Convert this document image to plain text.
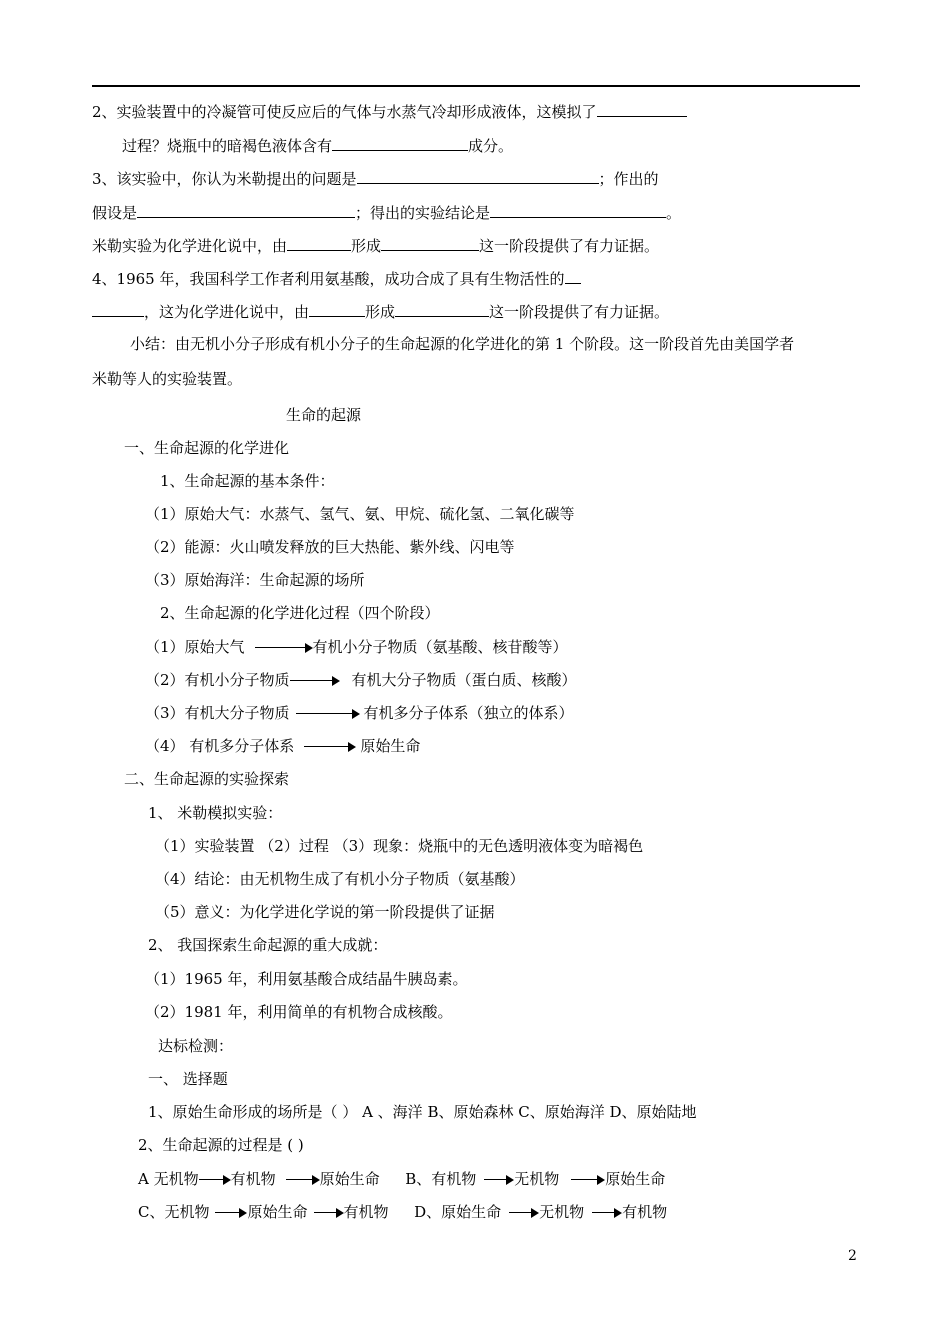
2、实验装置中的冷凝管可使反应后的气体与水蒸气冷却形成液体，这模拟了
过程？烧瓶中的暗褐色液体含有	成分。
3、该实验中，你认为米勒提出的问题是	；作出的
假设是	；得出的实验结论是	。
米勒实验为化学进化说中，由	形成	这一阶段提供了有力证据。
4、1965 年，我国科学工作者利用氨基酸，成功合成了具有生物活性的
，这为化学进化说中，由	形成	这一阶段提供了有力证据。
小结：由无机小分子形成有机小分子的生命起源的化学进化的第 1 个阶段。这一阶段首先由美国学者
米勒等人的实验装置。
生命的起源
一、生命起源的化学进化
1、生命起源的基本条件：
（1）原始大气：水蒸气、氢气、氨、甲烷、硫化氢、二氧化碳等
（2）能源：火山喷发释放的巨大热能、紫外线、闪电等
（3）原始海洋：生命起源的场所
2、生命起源的化学进化过程（四个阶段）
（1）原始大气	有机小分子物质（氨基酸、核苷酸等）
（2）有机小分子物质	有机大分子物质（蛋白质、核酸）
（3）有机大分子物质	有机多分子体系（独立的体系）
（4） 有机多分子体系	原始生命
二、生命起源的实验探索
1、 米勒模拟实验：
（1）实验装置 （2）过程 （3）现象：烧瓶中的无色透明液体变为暗褐色
（4）结论：由无机物生成了有机小分子物质（氨基酸）
（5）意义：为化学进化学说的第一阶段提供了证据
2、 我国探索生命起源的重大成就：
（1）1965 年，利用氨基酸合成结晶牛胰岛素。
（2）1981 年，利用简单的有机物合成核酸。
达标检测：
一、 选择题
1、原始生命形成的场所是（ ） A 、海洋 B、原始森林 C、原始海洋 D、原始陆地
2、生命起源的过程是 ( )
A 无机物 有机物	原始生命 B、有机物	无机物	原始生命
C、无机物	原始生命 有机物 D、原始生命	无机物	有机物
2
